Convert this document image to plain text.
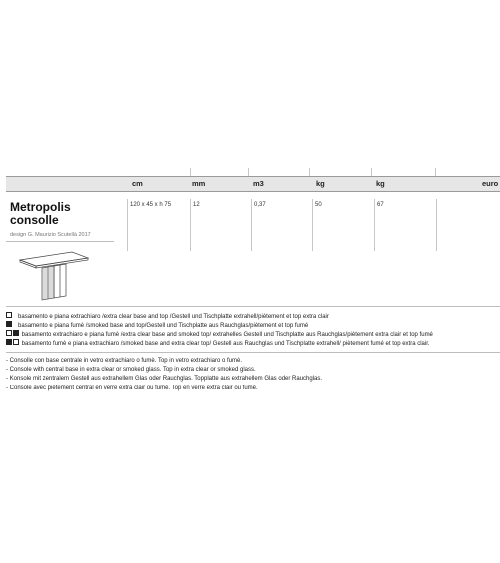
cm	mm	m3	kg	kg	euro
Metropolis consolle
design G. Maurizio Scutellà 2017
120 x 45 x h 75	12	0,37	50	67
basamento e piana extrachiaro /extra clear base and top /Gestell und Tischplatte extrahell/piètement et top extra clair
basamento e piana fumè /smoked base and top/Gestell und Tischplatte aus Rauchglas/piètement et top fumé
basamento extrachiaro e piana fumè /extra clear base and smoked top/ extrahelles Gestell und Tischplatte aus Rauchglas/piètement extra clair et top fumé
basamento fumè e piana extrachiaro /smoked base and extra clear top/ Gestell aus Rauchglas und Tischplatte extrahell/ piètement fumé et top extra clair.
- Consolle con base centrale in vetro extrachiaro o fumè. Top in vetro extrachiaro o fumè.
- Console with central base in extra clear or smoked glass. Top in extra clear or smoked glass.
- Konsole mit zentralem Gestell aus extrahellem Glas oder Rauchglas. Topplatte aus extrahellem Glas oder Rauchglas.
- Console avec piètement central en verre extra clair ou fumé. Top en verre extra clair ou fumé.
